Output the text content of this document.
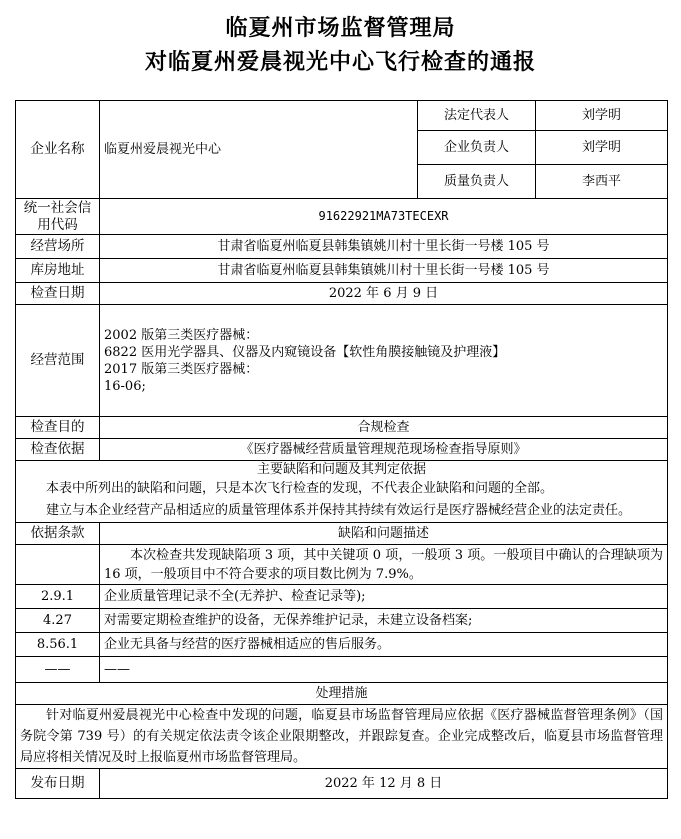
临夏州市场监督管理局
对临夏州爱晨视光中心飞行检查的通报
企业名称	临夏州爱晨视光中心	法定代表人	刘学明
		企业负责人	刘学明
		质量负责人	李西平
统一社会信用代码	91622921MA73TECEXR		
经营场所	甘肃省临夏州临夏县韩集镇姚川村十里长街一号楼 105 号		
库房地址	甘肃省临夏州临夏县韩集镇姚川村十里长街一号楼 105 号		
检查日期	2022 年 6 月 9 日		
经营范围	2002 版第三类医疗器械：
6822 医用光学器具、仪器及内窥镜设备【软性角膜接触镜及护理液】
2017 版第三类医疗器械：
16-06;		

检查目的	合规检查		
检查依据	《医疗器械经营质量管理规范现场检查指导原则》		

主要缺陷和问题及其判定依据
本表中所列出的缺陷和问题，只是本次飞行检查的发现，不代表企业缺陷和问题的全部。
建立与本企业经营产品相适应的质量管理体系并保持其持续有效运行是医疗器械经营企业的法定责任。			

依据条款	缺陷和问题描述		
	本次检查共发现缺陷项 3 项，其中关键项 0 项，一般项 3 项。一般项目中确认的合理缺项为 16 项，一般项目中不符合要求的项目数比例为 7.9%。		
2.9.1	企业质量管理记录不全(无养护、检查记录等);		
4.27	对需要定期检查维护的设备，无保养维护记录，未建立设备档案;		
8.56.1	企业无具备与经营的医疗器械相适应的售后服务。		
——	——		
处理措施			
针对临夏州爱晨视光中心检查中发现的问题，临夏县市场监督管理局应依据《医疗器械监督管理条例》（国务院令第 739 号）的有关规定依法责令该企业限期整改，并跟踪复查。企业完成整改后，临夏县市场监督管理局应将相关情况及时上报临夏州市场监督管理局。			
发布日期	2022 年 12 月 8 日		
